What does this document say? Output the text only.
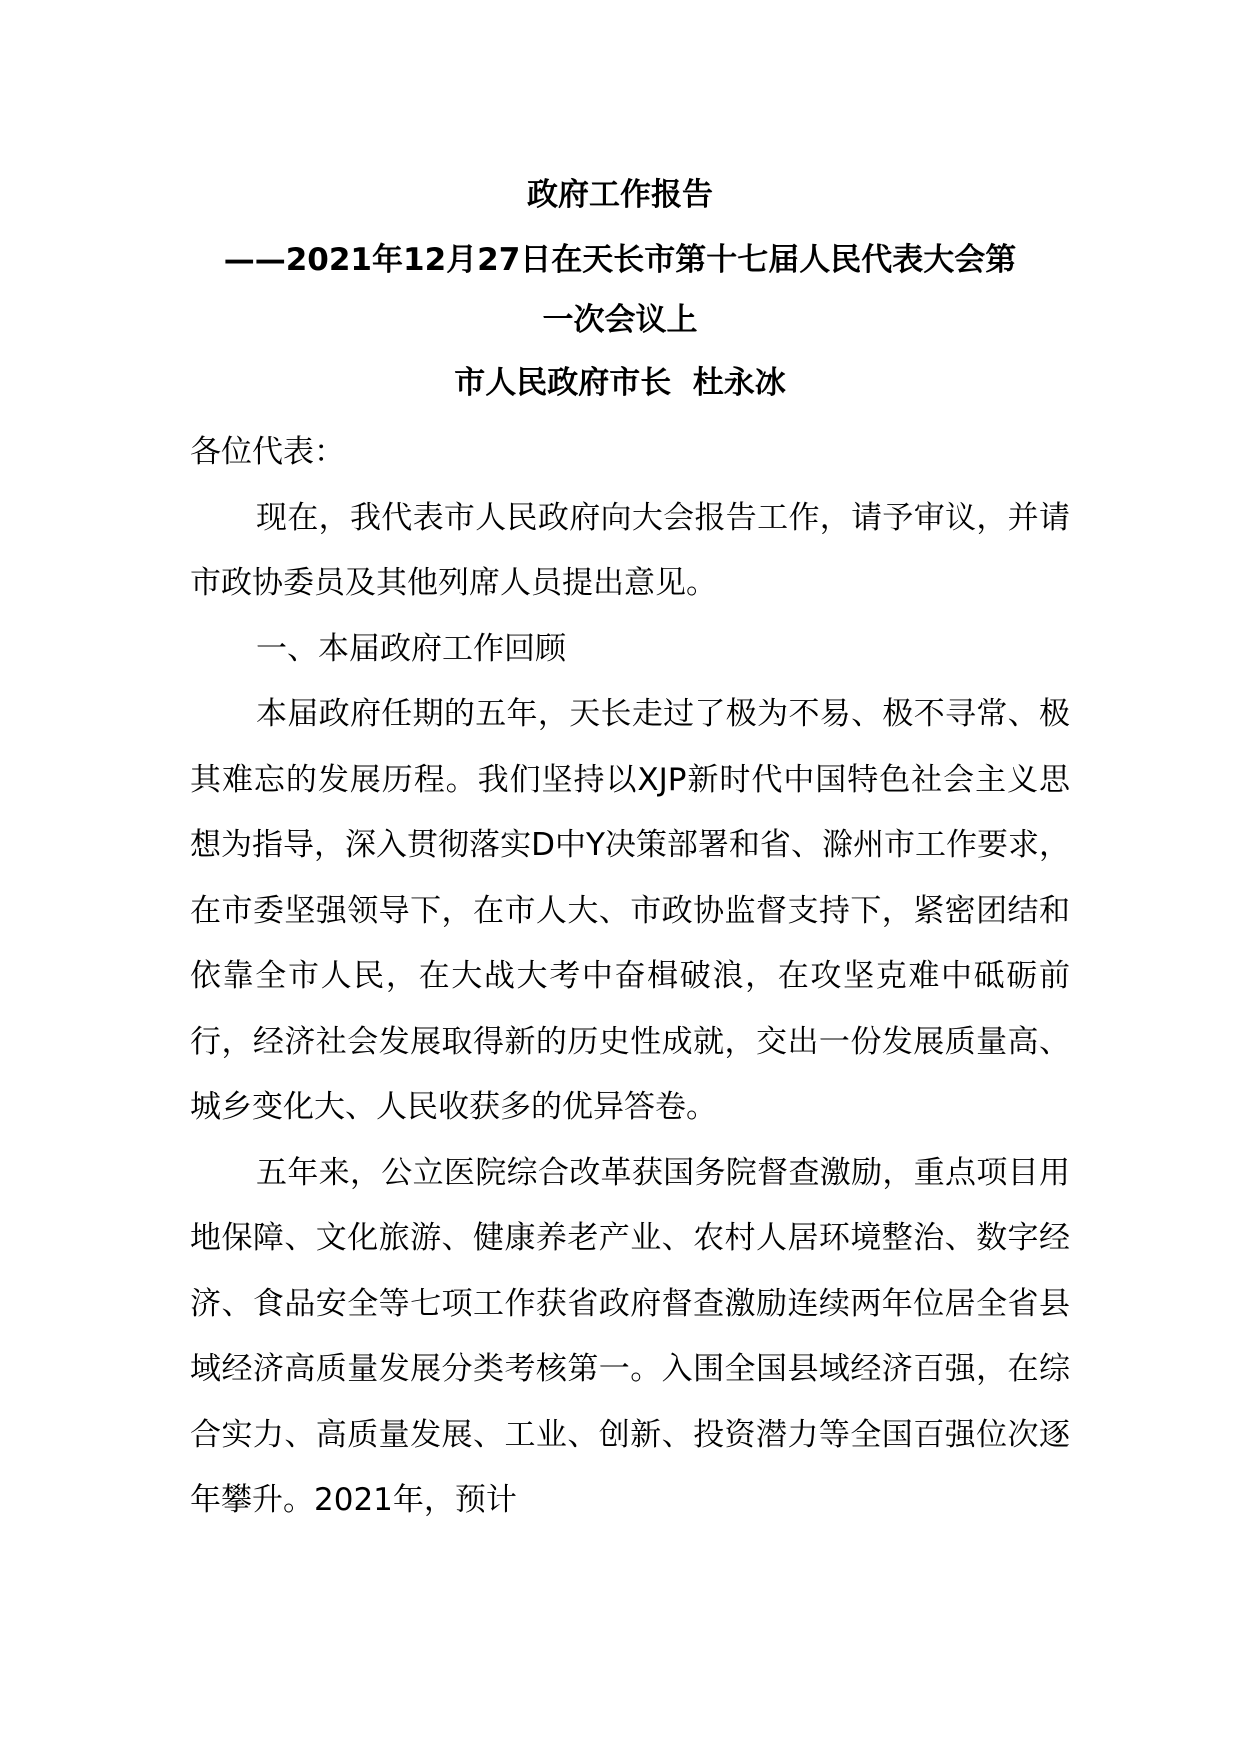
政府工作报告
——2021年12月27日在天长市第十七届人民代表大会第
一次会议上
市人民政府市长  杜永冰

各位代表：

现在，我代表市人民政府向大会报告工作，请予审议，并请市政协委员及其他列席人员提出意见。

一、本届政府工作回顾

本届政府任期的五年，天长走过了极为不易、极不寻常、极其难忘的发展历程。我们坚持以XJP新时代中国特色社会主义思想为指导，深入贯彻落实D中Y决策部署和省、滁州市工作要求，在市委坚强领导下，在市人大、市政协监督支持下，紧密团结和依靠全市人民，在大战大考中奋楫破浪，在攻坚克难中砥砺前行，经济社会发展取得新的历史性成就，交出一份发展质量高、城乡变化大、人民收获多的优异答卷。

五年来，公立医院综合改革获国务院督查激励，重点项目用地保障、文化旅游、健康养老产业、农村人居环境整治、数字经济、食品安全等七项工作获省政府督查激励连续两年位居全省县域经济高质量发展分类考核第一。入围全国县域经济百强，在综合实力、高质量发展、工业、创新、投资潜力等全国百强位次逐年攀升。2021年，预计
